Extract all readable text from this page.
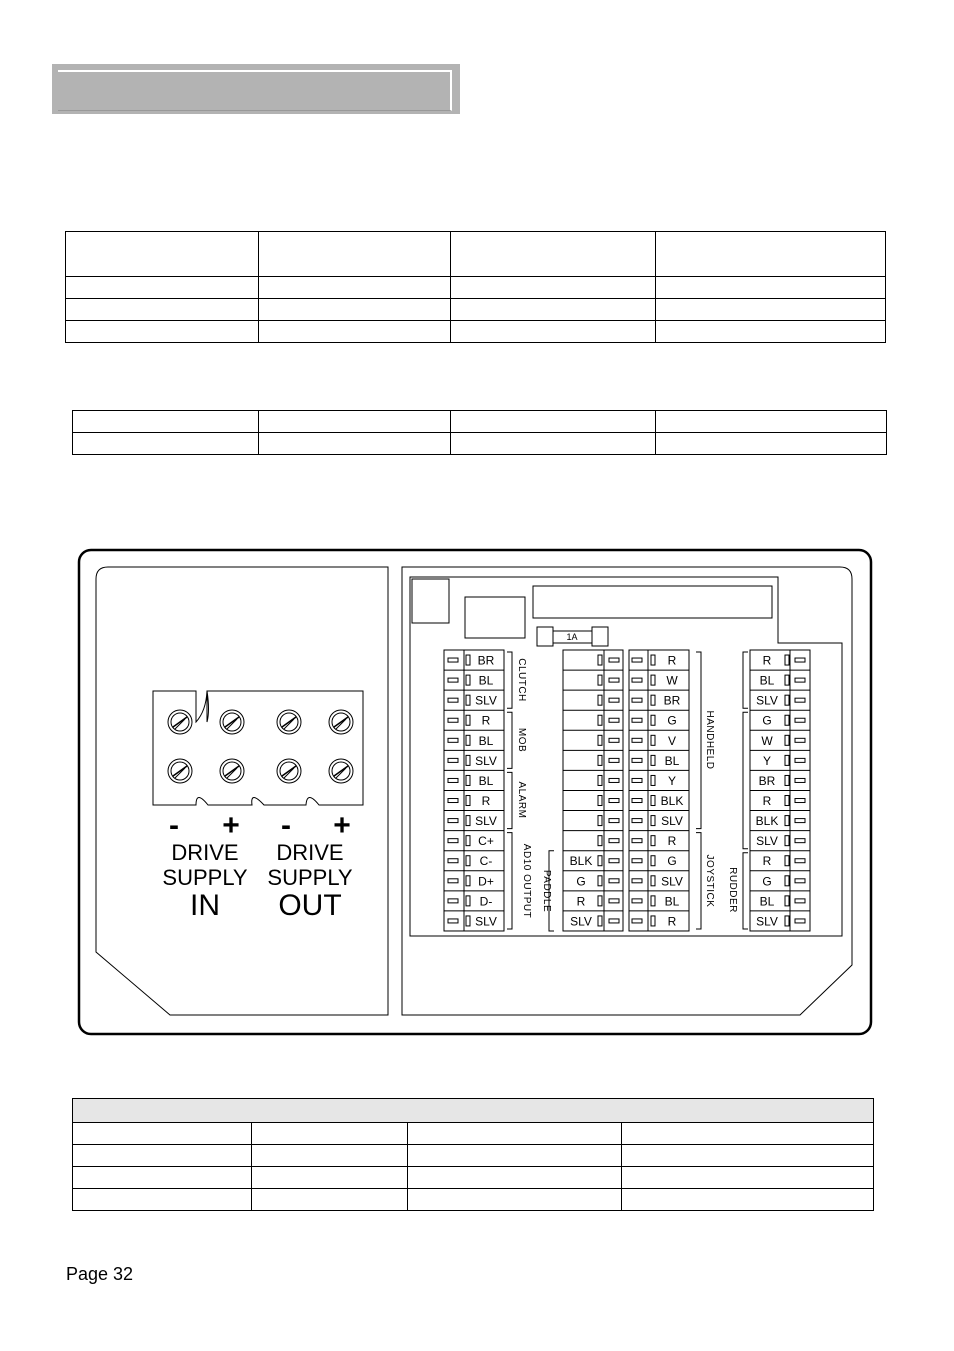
1A
- +
DRIVE
SUPPLY
IN
- +
DRIVE
SUPPLY
OUT
BR
BL
SLV
R
BL
SLV
BL
R
SLV
C+
C-
D+
D-
SLV
BLK
G
R
SLV
R
W
BR
G
V
BL
Y
BLK
SLV
R
G
SLV
BL
R
R
BL
SLV
G
W
Y
BR
R
BLK
SLV
R
G
BL
SLV
CLUTCH
MOB
ALARM
AD10 OUTPUT PADDLE
HANDHELD
JOYSTICK RUDDER

Page 32
